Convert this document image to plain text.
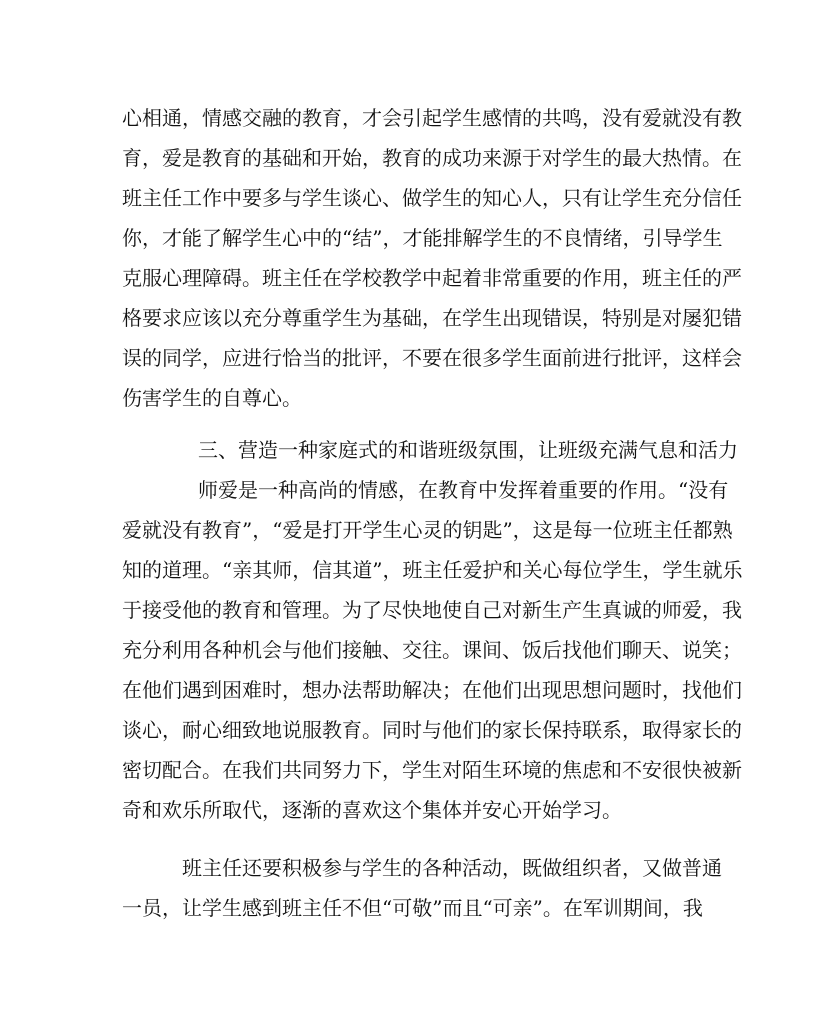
心相通，情感交融的教育，才会引起学生感情的共鸣，没有爱就没有教
育，爱是教育的基础和开始，教育的成功来源于对学生的最大热情。在
班主任工作中要多与学生谈心、做学生的知心人，只有让学生充分信任
你，才能了解学生心中的“结”，才能排解学生的不良情绪，引导学生
克服心理障碍。班主任在学校教学中起着非常重要的作用，班主任的严
格要求应该以充分尊重学生为基础，在学生出现错误，特别是对屡犯错
误的同学，应进行恰当的批评，不要在很多学生面前进行批评，这样会
伤害学生的自尊心。
三、营造一种家庭式的和谐班级氛围，让班级充满气息和活力
师爱是一种高尚的情感，在教育中发挥着重要的作用。“没有
爱就没有教育”，“爱是打开学生心灵的钥匙”，这是每一位班主任都熟
知的道理。“亲其师，信其道”，班主任爱护和关心每位学生，学生就乐
于接受他的教育和管理。为了尽快地使自己对新生产生真诚的师爱，我
充分利用各种机会与他们接触、交往。课间、饭后找他们聊天、说笑；
在他们遇到困难时，想办法帮助解决；在他们出现思想问题时，找他们
谈心，耐心细致地说服教育。同时与他们的家长保持联系，取得家长的
密切配合。在我们共同努力下，学生对陌生环境的焦虑和不安很快被新
奇和欢乐所取代，逐渐的喜欢这个集体并安心开始学习。
班主任还要积极参与学生的各种活动，既做组织者，又做普通
一员，让学生感到班主任不但“可敬”而且“可亲”。在军训期间，我
